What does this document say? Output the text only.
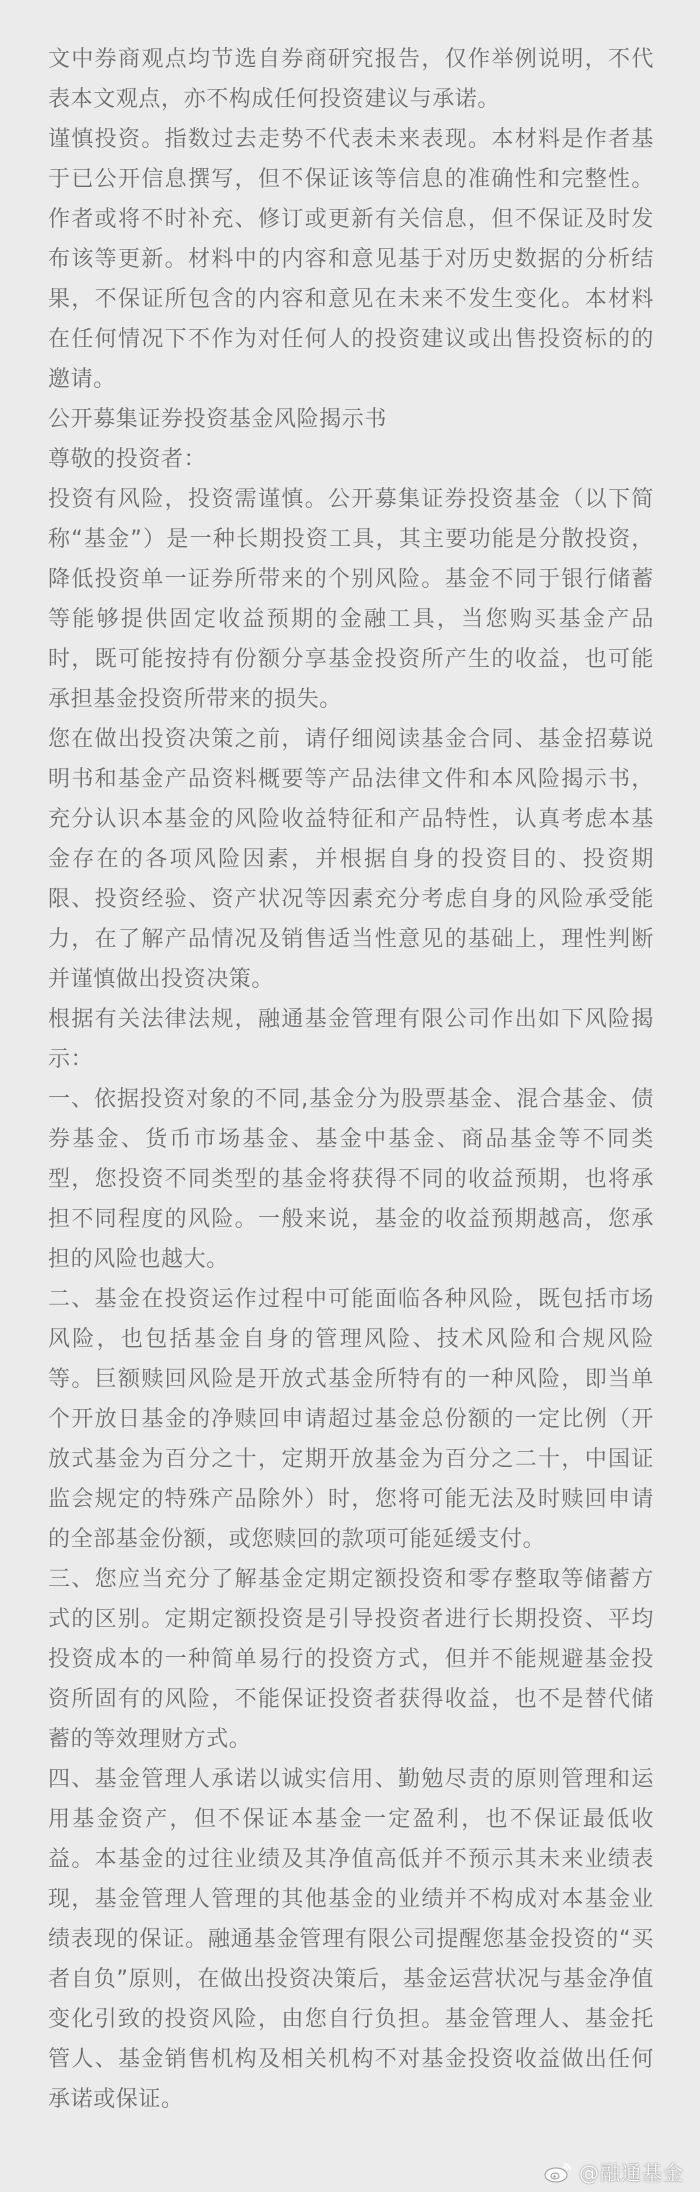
文中券商观点均节选自券商研究报告，仅作举例说明，不代表本文观点，亦不构成任何投资建议与承诺。

谨慎投资。指数过去走势不代表未来表现。本材料是作者基于已公开信息撰写，但不保证该等信息的准确性和完整性。作者或将不时补充、修订或更新有关信息，但不保证及时发布该等更新。材料中的内容和意见基于对历史数据的分析结果，不保证所包含的内容和意见在未来不发生变化。本材料在任何情况下不作为对任何人的投资建议或出售投资标的的邀请。

公开募集证券投资基金风险揭示书

尊敬的投资者：

投资有风险，投资需谨慎。公开募集证券投资基金（以下简称“基金”）是一种长期投资工具，其主要功能是分散投资，降低投资单一证券所带来的个别风险。基金不同于银行储蓄等能够提供固定收益预期的金融工具，当您购买基金产品时，既可能按持有份额分享基金投资所产生的收益，也可能承担基金投资所带来的损失。

您在做出投资决策之前，请仔细阅读基金合同、基金招募说明书和基金产品资料概要等产品法律文件和本风险揭示书，充分认识本基金的风险收益特征和产品特性，认真考虑本基金存在的各项风险因素，并根据自身的投资目的、投资期限、投资经验、资产状况等因素充分考虑自身的风险承受能力，在了解产品情况及销售适当性意见的基础上，理性判断并谨慎做出投资决策。

根据有关法律法规，融通基金管理有限公司作出如下风险揭示：

一、依据投资对象的不同,基金分为股票基金、混合基金、债券基金、货币市场基金、基金中基金、商品基金等不同类型，您投资不同类型的基金将获得不同的收益预期，也将承担不同程度的风险。一般来说，基金的收益预期越高，您承担的风险也越大。

二、基金在投资运作过程中可能面临各种风险，既包括市场风险，也包括基金自身的管理风险、技术风险和合规风险等。巨额赎回风险是开放式基金所特有的一种风险，即当单个开放日基金的净赎回申请超过基金总份额的一定比例（开放式基金为百分之十，定期开放基金为百分之二十，中国证监会规定的特殊产品除外）时，您将可能无法及时赎回申请的全部基金份额，或您赎回的款项可能延缓支付。

三、您应当充分了解基金定期定额投资和零存整取等储蓄方式的区别。定期定额投资是引导投资者进行长期投资、平均投资成本的一种简单易行的投资方式，但并不能规避基金投资所固有的风险，不能保证投资者获得收益，也不是替代储蓄的等效理财方式。

四、基金管理人承诺以诚实信用、勤勉尽责的原则管理和运用基金资产，但不保证本基金一定盈利，也不保证最低收益。本基金的过往业绩及其净值高低并不预示其未来业绩表现，基金管理人管理的其他基金的业绩并不构成对本基金业绩表现的保证。融通基金管理有限公司提醒您基金投资的“买者自负”原则，在做出投资决策后，基金运营状况与基金净值变化引致的投资风险，由您自行负担。基金管理人、基金托管人、基金销售机构及相关机构不对基金投资收益做出任何承诺或保证。

@融通基金
